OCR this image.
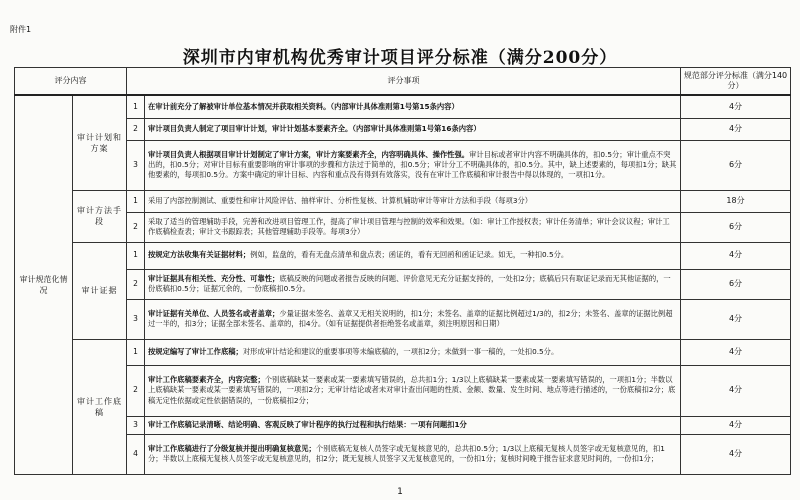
附件1
深圳市内审机构优秀审计项目评分标准（满分200分）
评分内容		评分事项		规范部分评分标准（满分140分）
审计规范化情况	审计计划和方案	1	在审计前充分了解被审计单位基本情况并获取相关资料。（内部审计具体准则第1号第15条内容）	4分
		2	审计项目负责人制定了项目审计计划，审计计划基本要素齐全。（内部审计具体准则第1号第16条内容）	4分
		3	审计项目负责人根据项目审计计划制定了审计方案，审计方案要素齐全，内容明确具体、操作性强。审计目标或者审计内容不明确具体的，扣0.5分；审计重点不突出的，扣0.5分；对审计目标有重要影响的审计事项的步骤和方法过于简单的，扣0.5分；审计分工不明确具体的，扣0.5分。其中，缺上述要素的，每项扣1分；缺其他要素的，每项扣0.5分。方案中确定的审计目标、内容和重点没有得到有效落实，没有在审计工作底稿和审计报告中得以体现的，一项扣1分。	6分
	审计方法手段	1	采用了内部控制测试、重要性和审计风险评估、抽样审计、分析性复核、计算机辅助审计等审计方法和手段（每项3分）	18分
		2	采取了适当的管理辅助手段，完善和改进项目管理工作，提高了审计项目管理与控制的效率和效果。（如：审计工作授权表；审计任务清单；审计会议议程；审计工作底稿检查表；审计文书跟踪表；其他管理辅助手段等。每项3分）	6分
	审计证据	1	按规定方法收集有关证据材料；例如，监盘的，看有无盘点清单和盘点表；函证的，看有无回函和函证记录。如无，一种扣0.5分。	4分
		2	审计证据具有相关性、充分性、可靠性；底稿反映的问题或者报告反映的问题、评价意见无充分证据支持的，一处扣2分；底稿后只有取证记录而无其他证据的，一份底稿扣0.5分；证据冗余的，一份底稿扣0.5分。	6分
		3	审计证据有关单位、人员签名或者盖章；少量证据未签名、盖章又无相关说明的，扣1分；未签名、盖章的证据比例超过1/3的，扣2分；未签名、盖章的证据比例超过一半的，扣3分；证据全部未签名、盖章的，扣4分。（如有证据提供者拒绝签名或盖章，须注明原因和日期）	4分
	审计工作底稿	1	按规定编写了审计工作底稿；对形成审计结论和建议的重要事项等未编底稿的，一项扣2分；未做到一事一稿的，一处扣0.5分。	4分
		2	审计工作底稿要素齐全，内容完整；个别底稿缺某一要素或某一要素填写错误的，总共扣1分；1/3以上底稿缺某一要素或某一要素填写错误的，一项扣1分；半数以上底稿缺某一要素或某一要素填写错误的，一项扣2分；无审计结论或者未对审计查出问题的性质、金额、数量、发生时间、地点等进行描述的，一份底稿扣2分；底稿无定性依据或定性依据错误的，一份底稿扣2分；	4分
		3	审计工作底稿记录清晰、结论明确、客观反映了审计程序的执行过程和执行结果：一项有问题扣1分	4分
		4	审计工作底稿进行了分级复核并提出明确复核意见；个别底稿无复核人员签字或无复核意见的，总共扣0.5分；1/3以上底稿无复核人员签字或无复核意见的，扣1分；半数以上底稿无复核人员签字或无复核意见的，扣2分；既无复核人员签字又无复核意见的，一份扣1分；复核时间晚于报告征求意见时间的，一份扣1分；	4分
1
